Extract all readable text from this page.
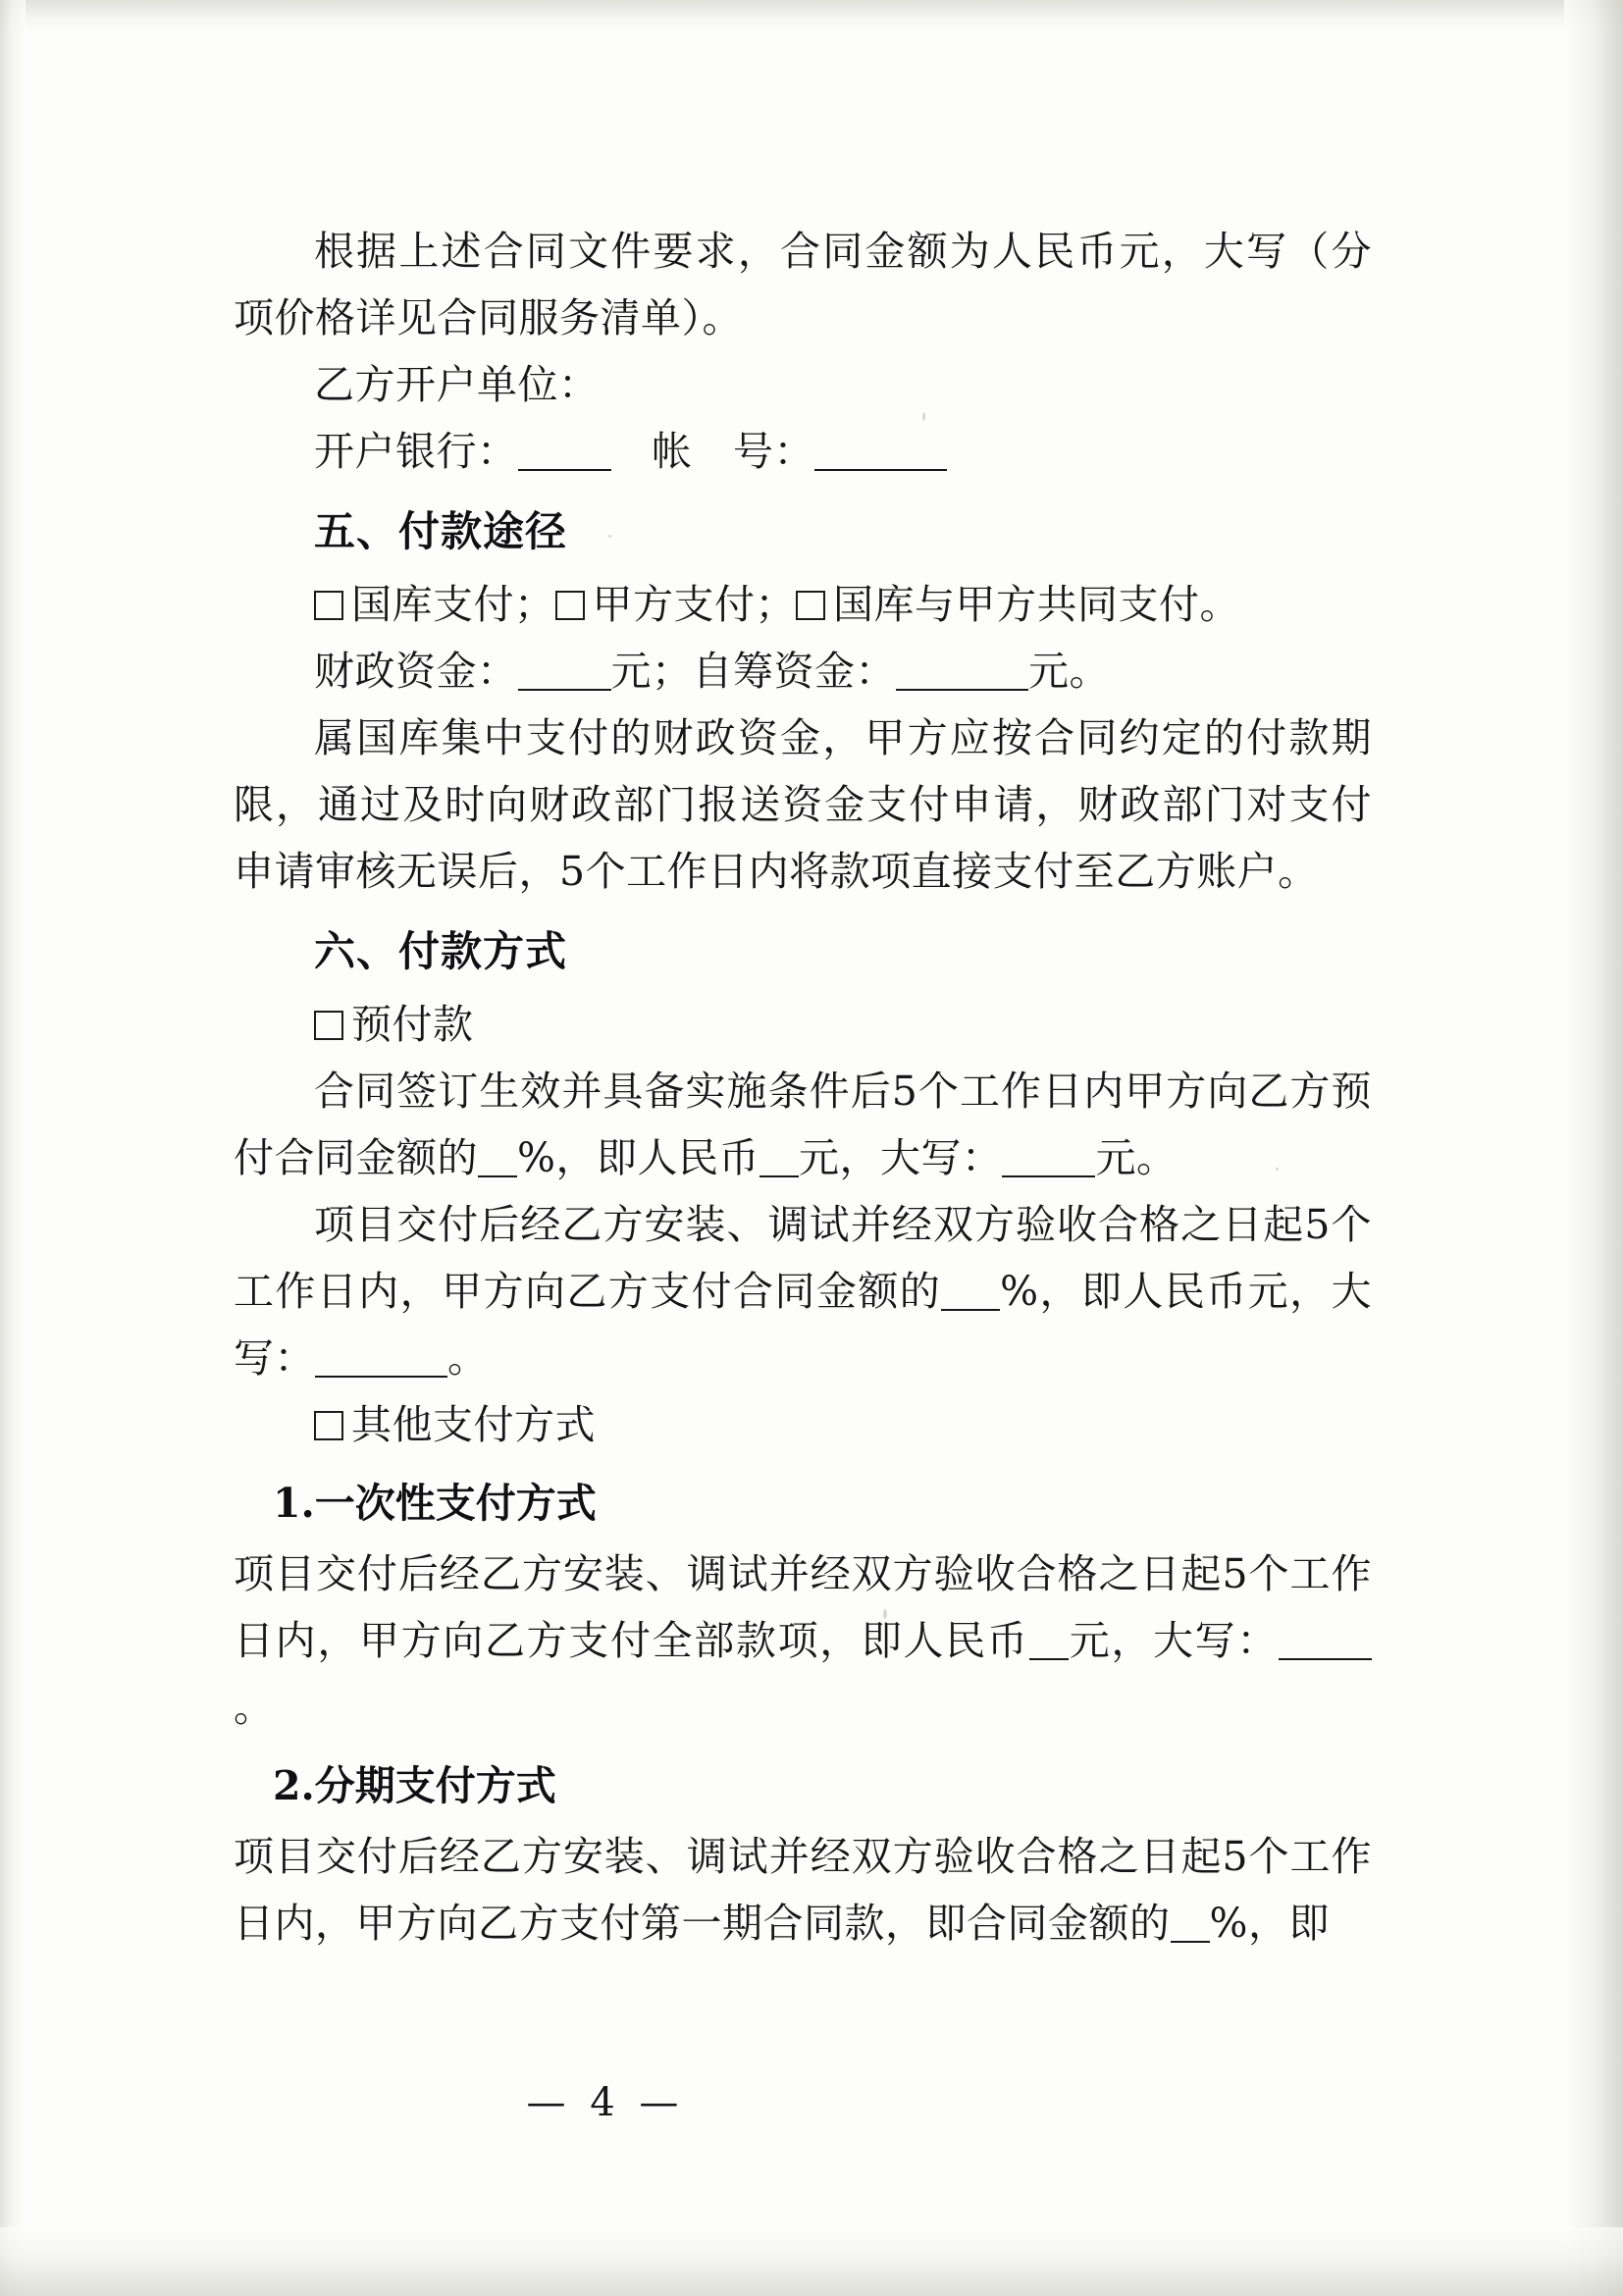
根据上述合同文件要求，合同金额为人民币元，大写（分项价格详见合同服务清单）。

乙方开户单位：

开户银行：　帐　号：

五、付款途径

国库支付； 甲方支付； 国库与甲方共同支付。

财政资金： 元；自筹资金：	元。

属国库集中支付的财政资金，甲方应按合同约定的付款期限，通过及时向财政部门报送资金支付申请，财政部门对支付申请审核无误后，5个工作日内将款项直接支付至乙方账户。

六、付款方式

预付款

合同签订生效并具备实施条件后5个工作日内甲方向乙方预付合同金额的 %，即人民币 元，大写： 元。

项目交付后经乙方安装、调试并经双方验收合格之日起5个工作日内，甲方向乙方支付合同金额的 %，即人民币元，大写：	。

其他支付方式

1.一次性支付方式

项目交付后经乙方安装、调试并经双方验收合格之日起5个工作日内，甲方向乙方支付全部款项，即人民币 元，大写：。

2.分期支付方式

项目交付后经乙方安装、调试并经双方验收合格之日起5个工作日内，甲方向乙方支付第一期合同款，即合同金额的 %，即

— 4 —
